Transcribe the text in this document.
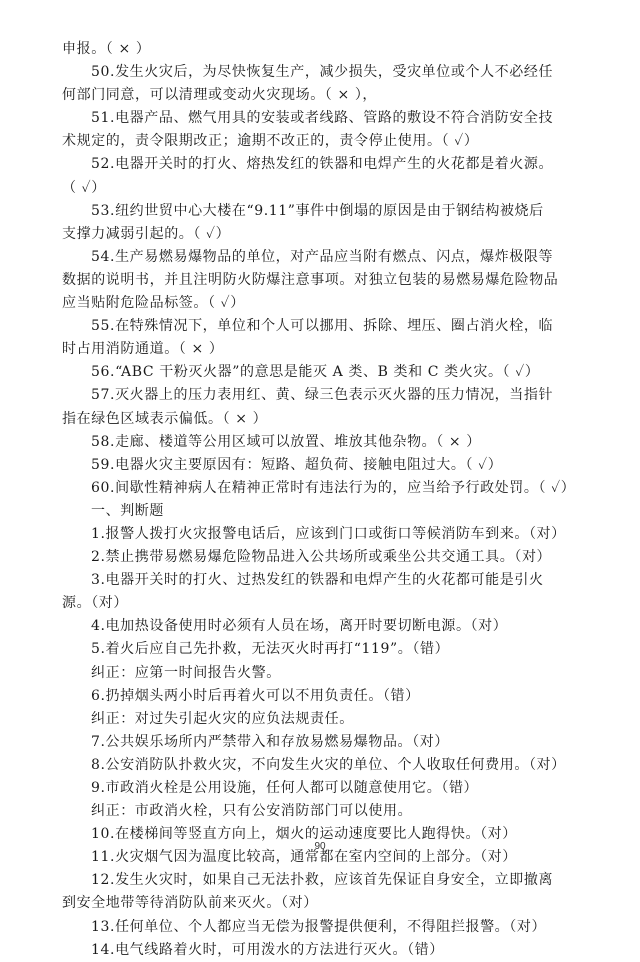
申报。（ × ）
50.发生火灾后，为尽快恢复生产，减少损失，受灾单位或个人不必经任
何部门同意，可以清理或变动火灾现场。（ × ），
51.电器产品、燃气用具的安装或者线路、管路的敷设不符合消防安全技
术规定的，责令限期改正；逾期不改正的，责令停止使用。（ ✓）
52.电器开关时的打火、熔热发红的铁器和电焊产生的火花都是着火源。
（ ✓）
53.纽约世贸中心大楼在“9.11”事件中倒塌的原因是由于钢结构被烧后
支撑力减弱引起的。（ ✓）
54.生产易燃易爆物品的单位，对产品应当附有燃点、闪点，爆炸极限等
数据的说明书，并且注明防火防爆注意事项。对独立包装的易燃易爆危险物品
应当贴附危险品标签。（ ✓）
55.在特殊情况下，单位和个人可以挪用、拆除、埋压、圈占消火栓，临
时占用消防通道。（ × ）
56.“ABC 干粉灭火器”的意思是能灭 A 类、B 类和 C 类火灾。（ ✓）
57.灭火器上的压力表用红、黄、绿三色表示灭火器的压力情况，当指针
指在绿色区域表示偏低。（ × ）
58.走廊、楼道等公用区域可以放置、堆放其他杂物。（ × ）
59.电器火灾主要原因有：短路、超负荷、接触电阻过大。（ ✓）
60.间歇性精神病人在精神正常时有违法行为的，应当给予行政处罚。（ ✓）
一、判断题
1.报警人拨打火灾报警电话后，应该到门口或街口等候消防车到来。（对）
2.禁止携带易燃易爆危险物品进入公共场所或乘坐公共交通工具。（对）
3.电器开关时的打火、过热发红的铁器和电焊产生的火花都可能是引火
源。（对）
4.电加热设备使用时必须有人员在场，离开时要切断电源。（对）
5.着火后应自己先扑救，无法灭火时再打“119”。（错）
纠正：应第一时间报告火警。
6.扔掉烟头两小时后再着火可以不用负责任。（错）
纠正：对过失引起火灾的应负法规责任。
7.公共娱乐场所内严禁带入和存放易燃易爆物品。（对）
8.公安消防队扑救火灾，不向发生火灾的单位、个人收取任何费用。（对）
9.市政消火栓是公用设施，任何人都可以随意使用它。（错）
纠正：市政消火栓，只有公安消防部门可以使用。
10.在楼梯间等竖直方向上，烟火的运动速度要比人跑得快。（对）
11.火灾烟气因为温度比较高，通常都在室内空间的上部分。（对）
12.发生火灾时，如果自己无法扑救，应该首先保证自身安全，立即撤离
到安全地带等待消防队前来灭火。（对）
13.任何单位、个人都应当无偿为报警提供便利，不得阻拦报警。（对）
14.电气线路着火时，可用泼水的方法进行灭火。（错）
90
